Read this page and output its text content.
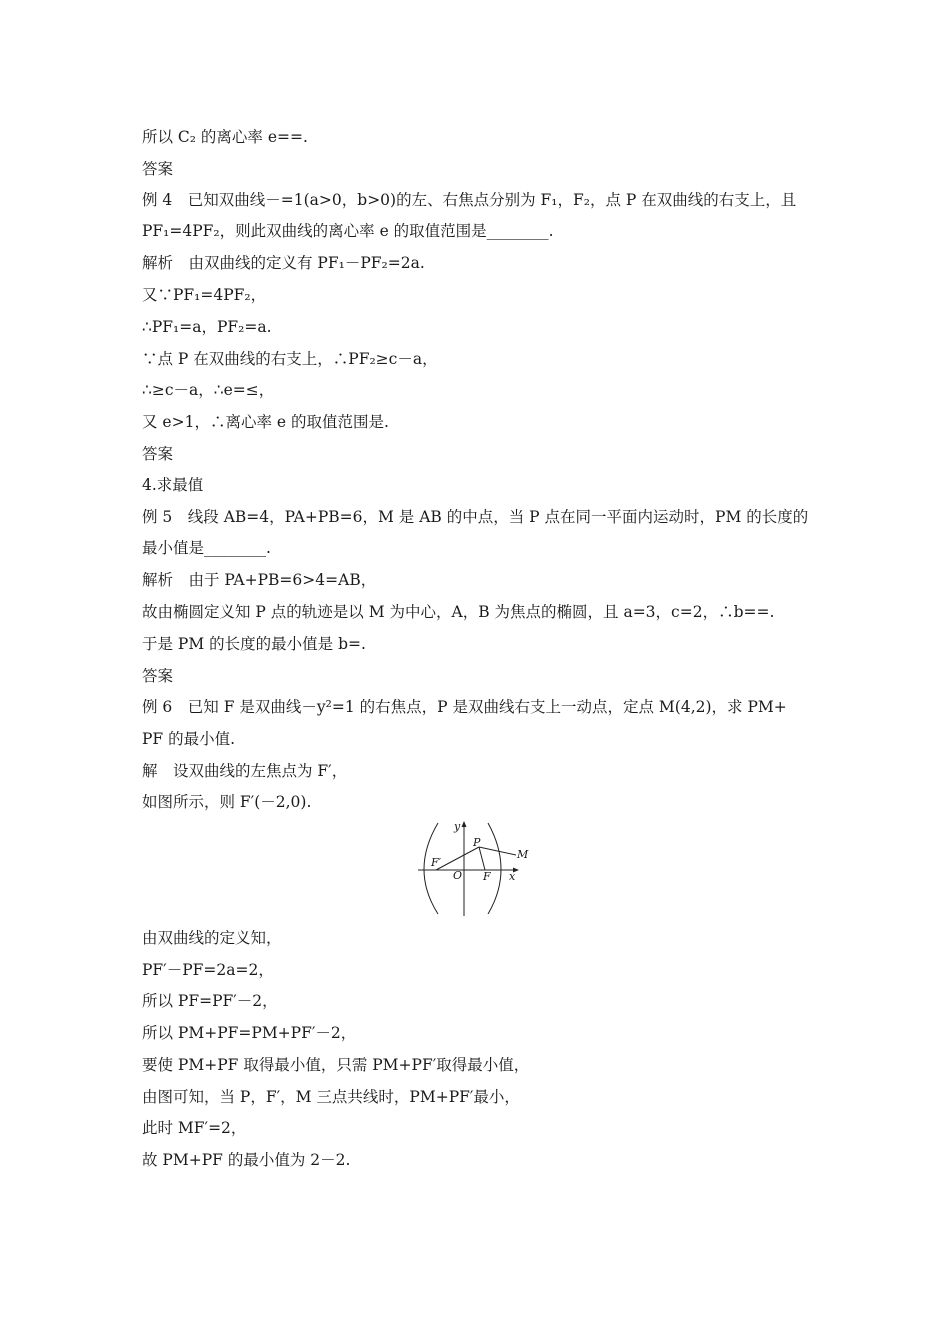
所以 C₂ 的离心率 e==.
答案
例 4　已知双曲线－=1(a>0，b>0)的左、右焦点分别为 F₁，F₂，点 P 在双曲线的右支上，且
PF₁=4PF₂，则此双曲线的离心率 e 的取值范围是________.
解析　由双曲线的定义有 PF₁－PF₂=2a.
又∵PF₁=4PF₂，
∴PF₁=a，PF₂=a.
∵点 P 在双曲线的右支上，∴PF₂≥c－a，
∴≥c－a，∴e=≤，
又 e>1，∴离心率 e 的取值范围是.
答案
4.求最值
例 5　线段 AB=4，PA+PB=6，M 是 AB 的中点，当 P 点在同一平面内运动时，PM 的长度的
最小值是________.
解析　由于 PA+PB=6>4=AB，
故由椭圆定义知 P 点的轨迹是以 M 为中心，A，B 为焦点的椭圆，且 a=3，c=2，∴b==.
于是 PM 的长度的最小值是 b=.
答案
例 6　已知 F 是双曲线－y²=1 的右焦点，P 是双曲线右支上一动点，定点 M(4,2)，求 PM+
PF 的最小值.
解　设双曲线的左焦点为 F′，
如图所示，则 F′(－2,0).
y
x
O F
F′
P
M
由双曲线的定义知，
PF′－PF=2a=2，
所以 PF=PF′－2，
所以 PM+PF=PM+PF′－2，
要使 PM+PF 取得最小值，只需 PM+PF′取得最小值，
由图可知，当 P，F′，M 三点共线时，PM+PF′最小，
此时 MF′=2，
故 PM+PF 的最小值为 2－2.
